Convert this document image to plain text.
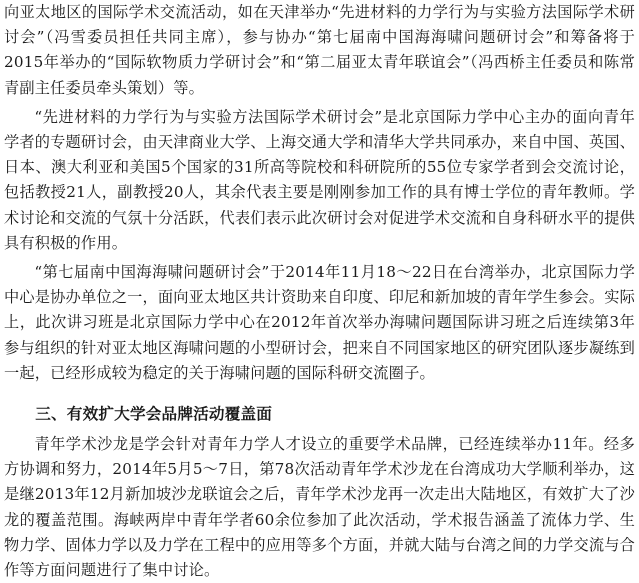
向亚太地区的国际学术交流活动，如在天津举办“先进材料的力学行为与实验方法国际学术研讨会”（冯雪委员担任共同主席），参与协办“第七届南中国海海啸问题研讨会”和筹备将于2015年举办的“国际软物质力学研讨会”和“第二届亚太青年联谊会”（冯西桥主任委员和陈常青副主任委员牵头策划）等。

“先进材料的力学行为与实验方法国际学术研讨会”是北京国际力学中心主办的面向青年学者的专题研讨会，由天津商业大学、上海交通大学和清华大学共同承办，来自中国、英国、日本、澳大利亚和美国5个国家的31所高等院校和科研院所的55位专家学者到会交流讨论，包括教授21人，副教授20人，其余代表主要是刚刚参加工作的具有博士学位的青年教师。学术讨论和交流的气氛十分活跃，代表们表示此次研讨会对促进学术交流和自身科研水平的提供具有积极的作用。

“第七届南中国海海啸问题研讨会”于2014年11月18～22日在台湾举办，北京国际力学中心是协办单位之一，面向亚太地区共计资助来自印度、印尼和新加坡的青年学生参会。实际上，此次讲习班是北京国际力学中心在2012年首次举办海啸问题国际讲习班之后连续第3年参与组织的针对亚太地区海啸问题的小型研讨会，把来自不同国家地区的研究团队逐步凝练到一起，已经形成较为稳定的关于海啸问题的国际科研交流圈子。

三、有效扩大学会品牌活动覆盖面

青年学术沙龙是学会针对青年力学人才设立的重要学术品牌，已经连续举办11年。经多方协调和努力，2014年5月5～7日，第78次活动青年学术沙龙在台湾成功大学顺利举办，这是继2013年12月新加坡沙龙联谊会之后，青年学术沙龙再一次走出大陆地区，有效扩大了沙龙的覆盖范围。海峡两岸中青年学者60余位参加了此次活动，学术报告涵盖了流体力学、生物力学、固体力学以及力学在工程中的应用等多个方面，并就大陆与台湾之间的力学交流与合作等方面问题进行了集中讨论。
